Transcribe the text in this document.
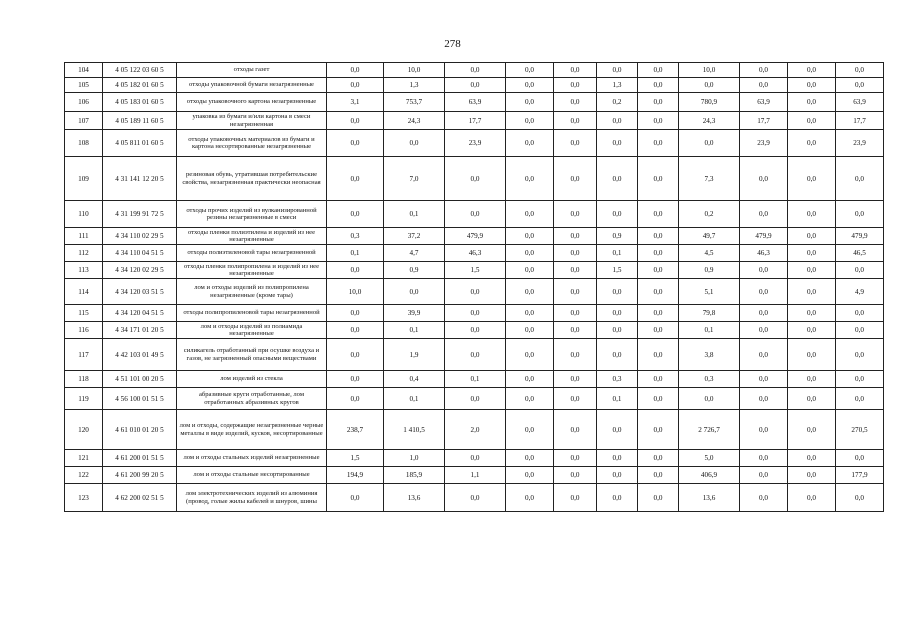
278
104	4 05 122 03 60 5	отходы газет	0,0	10,0	0,0	0,0	0,0	0,0	0,0	10,0	0,0	0,0	0,0
105	4 05 182 01 60 5	отходы упаковочной бумаги незагрязненные	0,0	1,3	0,0	0,0	0,0	1,3	0,0	0,0	0,0	0,0	0,0
106	4 05 183 01 60 5	отходы упаковочного картона незагрязненные	3,1	753,7	63,9	0,0	0,0	0,2	0,0	780,9	63,9	0,0	63,9
107	4 05 189 11 60 5	упаковка из бумаги и/или картона в смеси незагрязненная	0,0	24,3	17,7	0,0	0,0	0,0	0,0	24,3	17,7	0,0	17,7
108	4 05 811 01 60 5	отходы упаковочных материалов из бумаги и картона несортированные незагрязненные	0,0	0,0	23,9	0,0	0,0	0,0	0,0	0,0	23,9	0,0	23,9
109	4 31 141 12 20 5	резиновая обувь, утратившая потребительские свойства, незагрязненная практически неопасная	0,0	7,0	0,0	0,0	0,0	0,0	0,0	7,3	0,0	0,0	0,0
110	4 31 199 91 72 5	отходы прочих изделий из вулканизированной резины незагрязненные в смеси	0,0	0,1	0,0	0,0	0,0	0,0	0,0	0,2	0,0	0,0	0,0
111	4 34 110 02 29 5	отходы пленки полиэтилена и изделий из нее незагрязненные	0,3	37,2	479,9	0,0	0,0	0,9	0,0	49,7	479,9	0,0	479,9
112	4 34 110 04 51 5	отходы полиэтиленовой тары незагрязненной	0,1	4,7	46,3	0,0	0,0	0,1	0,0	4,5	46,3	0,0	46,5
113	4 34 120 02 29 5	отходы пленки полипропилена и изделий из нее незагрязненные	0,0	0,9	1,5	0,0	0,0	1,5	0,0	0,9	0,0	0,0	0,0
114	4 34 120 03 51 5	лом и отходы изделий из полипропилена незагрязненные (кроме тары)	10,0	0,0	0,0	0,0	0,0	0,0	0,0	5,1	0,0	0,0	4,9
115	4 34 120 04 51 5	отходы полипропиленовой тары незагрязненной	0,0	39,9	0,0	0,0	0,0	0,0	0,0	79,8	0,0	0,0	0,0
116	4 34 171 01 20 5	лом и отходы изделий из полиамида незагрязненные	0,0	0,1	0,0	0,0	0,0	0,0	0,0	0,1	0,0	0,0	0,0
117	4 42 103 01 49 5	силикагель отработанный при осушке воздуха и газов, не загрязненный опасными веществами	0,0	1,9	0,0	0,0	0,0	0,0	0,0	3,8	0,0	0,0	0,0
118	4 51 101 00 20 5	лом изделий из стекла	0,0	0,4	0,1	0,0	0,0	0,3	0,0	0,3	0,0	0,0	0,0
119	4 56 100 01 51 5	абразивные круги отработанные, лом отработанных абразивных кругов	0,0	0,1	0,0	0,0	0,0	0,1	0,0	0,0	0,0	0,0	0,0
120	4 61 010 01 20 5	лом и отходы, содержащие незагрязненные черные металлы в виде изделий, кусков, несортированные	238,7	1 410,5	2,0	0,0	0,0	0,0	0,0	2 726,7	0,0	0,0	270,5
121	4 61 200 01 51 5	лом и отходы стальных изделий незагрязненные	1,5	1,0	0,0	0,0	0,0	0,0	0,0	5,0	0,0	0,0	0,0
122	4 61 200 99 20 5	лом и отходы стальные несортированные	194,9	185,9	1,1	0,0	0,0	0,0	0,0	406,9	0,0	0,0	177,9
123	4 62 200 02 51 5	лом электротехнических изделий из алюминия (провод, голые жилы кабелей и шнуров, шины	0,0	13,6	0,0	0,0	0,0	0,0	0,0	13,6	0,0	0,0	0,0
